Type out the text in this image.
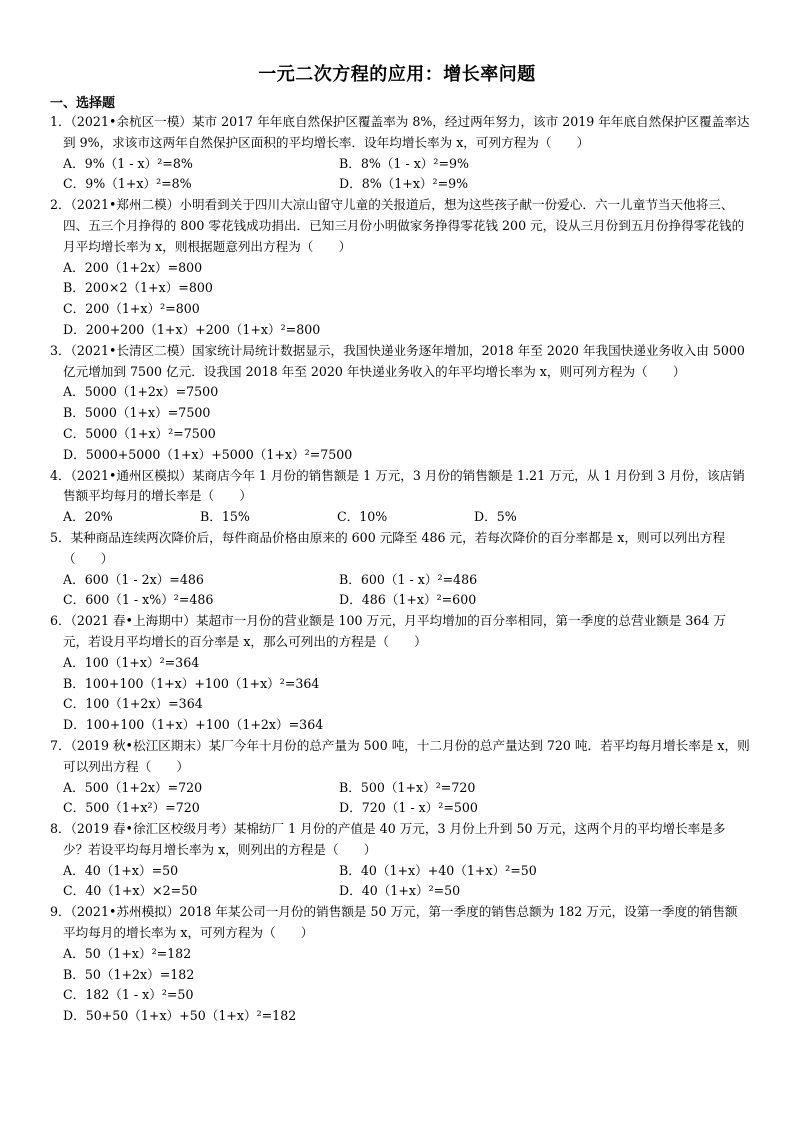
一元二次方程的应用：增长率问题
一、选择题
1．（2021•余杭区一模）某市 2017 年年底自然保护区覆盖率为 8%，经过两年努力，该市 2019 年年底自然保护区覆盖率达到 9%，求该市这两年自然保护区面积的平均增长率．设年均增长率为 x，可列方程为（　　）
A．9%（1 - x）²=8%	B．8%（1 - x）²=9%
C．9%（1+x）²=8%	D．8%（1+x）²=9%
2．（2021•郑州二模）小明看到关于四川大凉山留守儿童的关报道后，想为这些孩子献一份爱心．六一儿童节当天他将三、四、五三个月挣得的 800 零花钱成功捐出．已知三月份小明做家务挣得零花钱 200 元，设从三月份到五月份挣得零花钱的月平均增长率为 x，则根据题意列出方程为（　　）
A．200（1+2x）=800
B．200×2（1+x）=800
C．200（1+x）²=800
D．200+200（1+x）+200（1+x）²=800
3．（2021•长清区二模）国家统计局统计数据显示，我国快递业务逐年增加，2018 年至 2020 年我国快递业务收入由 5000 亿元增加到 7500 亿元．设我国 2018 年至 2020 年快递业务收入的年平均增长率为 x，则可列方程为（　　）
A．5000（1+2x）=7500
B．5000（1+x）=7500
C．5000（1+x）²=7500
D．5000+5000（1+x）+5000（1+x）²=7500
4．（2021•通州区模拟）某商店今年 1 月份的销售额是 1 万元，3 月份的销售额是 1.21 万元，从 1 月份到 3 月份，该店销售额平均每月的增长率是（　　）
A．20%	B．15%	C．10%	D．5%
5．某种商品连续两次降价后，每件商品价格由原来的 600 元降至 486 元，若每次降价的百分率都是 x，则可以列出方程（　　）
A．600（1 - 2x）=486	B．600（1 - x）²=486
C．600（1 - x%）²=486	D．486（1+x）²=600
6．（2021 春•上海期中）某超市一月份的营业额是 100 万元，月平均增加的百分率相同，第一季度的总营业额是 364 万元，若设月平均增长的百分率是 x，那么可列出的方程是（　　）
A．100（1+x）²=364
B．100+100（1+x）+100（1+x）²=364
C．100（1+2x）=364
D．100+100（1+x）+100（1+2x）=364
7．（2019 秋•松江区期末）某厂今年十月份的总产量为 500 吨，十二月份的总产量达到 720 吨．若平均每月增长率是 x，则可以列出方程（　　）
A．500（1+2x）=720	B．500（1+x）²=720
C．500（1+x²）=720	D．720（1 - x）²=500
8．（2019 春•徐汇区校级月考）某棉纺厂 1 月份的产值是 40 万元，3 月份上升到 50 万元，这两个月的平均增长率是多少？若设平均每月增长率为 x，则列出的方程是（　　）
A．40（1+x）=50	B．40（1+x）+40（1+x）²=50
C．40（1+x）×2=50	D．40（1+x）²=50
9．（2021•苏州模拟）2018 年某公司一月份的销售额是 50 万元，第一季度的销售总额为 182 万元，设第一季度的销售额平均每月的增长率为 x，可列方程为（　　）
A．50（1+x）²=182
B．50（1+2x）=182
C．182（1 - x）²=50
D．50+50（1+x）+50（1+x）²=182
